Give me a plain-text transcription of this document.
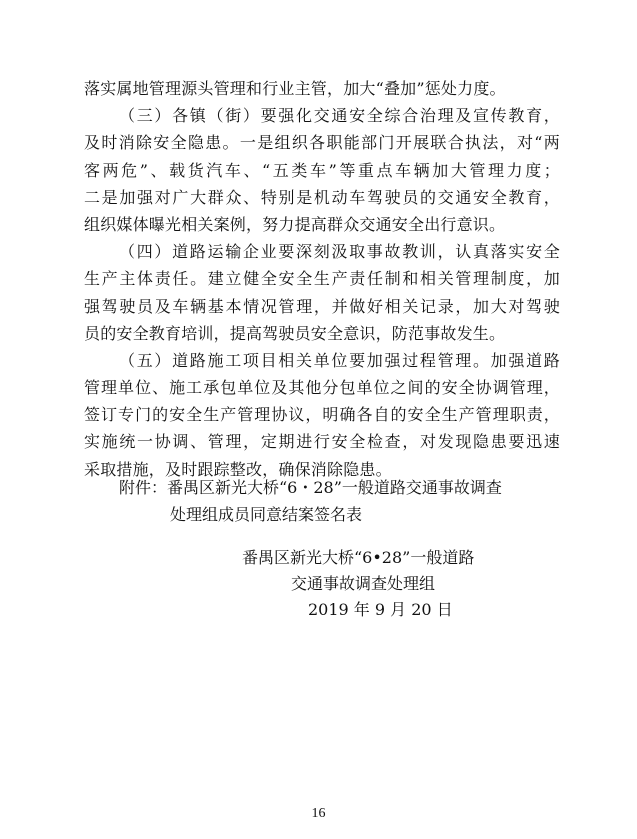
落实属地管理源头管理和行业主管，加大“叠加”惩处力度。
（三）各镇（街）要强化交通安全综合治理及宣传教育，
及时消除安全隐患。一是组织各职能部门开展联合执法，对“两
客两危”、载货汽车、“五类车”等重点车辆加大管理力度；
二是加强对广大群众、特别是机动车驾驶员的交通安全教育，
组织媒体曝光相关案例，努力提高群众交通安全出行意识。
（四）道路运输企业要深刻汲取事故教训，认真落实安全
生产主体责任。建立健全安全生产责任制和相关管理制度，加
强驾驶员及车辆基本情况管理，并做好相关记录，加大对驾驶
员的安全教育培训，提高驾驶员安全意识，防范事故发生。
（五）道路施工项目相关单位要加强过程管理。加强道路
管理单位、施工承包单位及其他分包单位之间的安全协调管理，
签订专门的安全生产管理协议，明确各自的安全生产管理职责，
实施统一协调、管理，定期进行安全检查，对发现隐患要迅速
采取措施，及时跟踪整改，确保消除隐患。
附件：番禺区新光大桥“6・28”一般道路交通事故调查
处理组成员同意结案签名表
番禺区新光大桥“6•28”一般道路
交通事故调查处理组
2019 年 9 月 20 日
16
